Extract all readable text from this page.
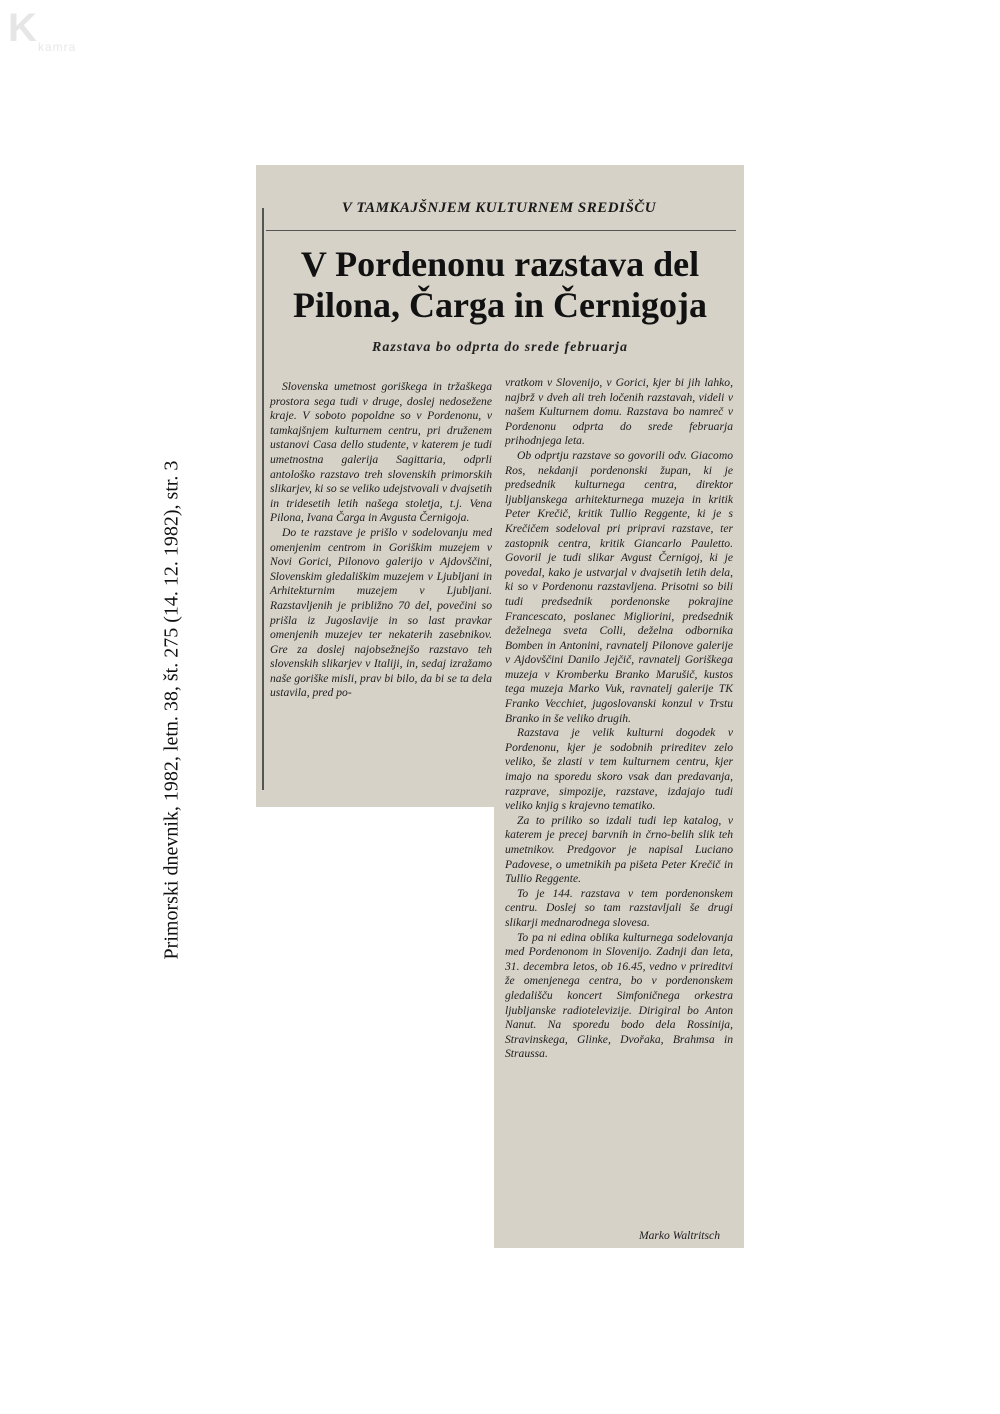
K kamra
Primorski dnevnik, 1982, letn. 38, št. 275 (14. 12. 1982), str. 3
V TAMKAJŠNJEM KULTURNEM SREDIŠČU
V Pordenonu razstava del
Pilona, Čarga in Černigoja
Razstava bo odprta do srede februarja

Slovenska umetnost goriškega in tržaškega prostora sega tudi v druge, doslej nedosežene kraje. V soboto popoldne so v Pordenonu, v tamkajšnjem kulturnem centru, pri druženem ustanovi Casa dello studente, v katerem je tudi umetnostna galerija Sagittaria, odprli antološko razstavo treh slovenskih primorskih slikarjev, ki so se veliko udejstvovali v dvajsetih in tridesetih letih našega stoletja, t.j. Vena Pilona, Ivana Čarga in Avgusta Černigoja.

Do te razstave je prišlo v sodelovanju med omenjenim centrom in Goriškim muzejem v Novi Gorici, Pilonovo galerijo v Ajdovščini, Slovenskim gledališkim muzejem v Ljubljani in Arhitekturnim muzejem v Ljubljani. Razstavljenih je približno 70 del, povečini so prišla iz Jugoslavije in so last pravkar omenjenih muzejev ter nekaterih zasebnikov. Gre za doslej najobsežnejšo razstavo teh slovenskih slikarjev v Italiji, in, sedaj izražamo naše goriške misli, prav bi bilo, da bi se ta dela ustavila, pred po-

vratkom v Slovenijo, v Gorici, kjer bi jih lahko, najbrž v dveh ali treh ločenih razstavah, videli v našem Kulturnem domu. Razstava bo namreč v Pordenonu odprta do srede februarja prihodnjega leta.

Ob odprtju razstave so govorili odv. Giacomo Ros, nekdanji pordenonski župan, ki je predsednik kulturnega centra, direktor ljubljanskega arhitekturnega muzeja in kritik Peter Krečič, kritik Tullio Reggente, ki je s Krečičem sodeloval pri pripravi razstave, ter zastopnik centra, kritik Giancarlo Pauletto. Govoril je tudi slikar Avgust Černigoj, ki je povedal, kako je ustvarjal v dvajsetih letih dela, ki so v Pordenonu razstavljena. Prisotni so bili tudi predsednik pordenonske pokrajine Francescato, poslanec Migliorini, predsednik deželnega sveta Colli, deželna odbornika Bomben in Antonini, ravnatelj Pilonove galerije v Ajdovščini Danilo Jejčič, ravnatelj Goriškega muzeja v Kromberku Branko Marušič, kustos tega muzeja Marko Vuk, ravnatelj galerije TK Franko Vecchiet, jugoslovanski konzul v Trstu Branko in še veliko drugih.

Razstava je velik kulturni dogodek v Pordenonu, kjer je sodobnih prireditev zelo veliko, še zlasti v tem kulturnem centru, kjer imajo na sporedu skoro vsak dan predavanja, razprave, simpozije, razstave, izdajajo tudi veliko knjig s krajevno tematiko.

Za to priliko so izdali tudi lep katalog, v katerem je precej barvnih in črno-belih slik teh umetnikov. Predgovor je napisal Luciano Padovese, o umetnikih pa pišeta Peter Krečič in Tullio Reggente.

To je 144. razstava v tem pordenonskem centru. Doslej so tam razstavljali še drugi slikarji mednarodnega slovesa.

To pa ni edina oblika kulturnega sodelovanja med Pordenonom in Slovenijo. Zadnji dan leta, 31. decembra letos, ob 16.45, vedno v prireditvi že omenjenega centra, bo v pordenonskem gledališču koncert Simfoničnega orkestra ljubljanske radiotelevizije. Dirigiral bo Anton Nanut. Na sporedu bodo dela Rossinija, Stravinskega, Glinke, Dvořaka, Brahmsa in Straussa.

Marko Waltritsch
